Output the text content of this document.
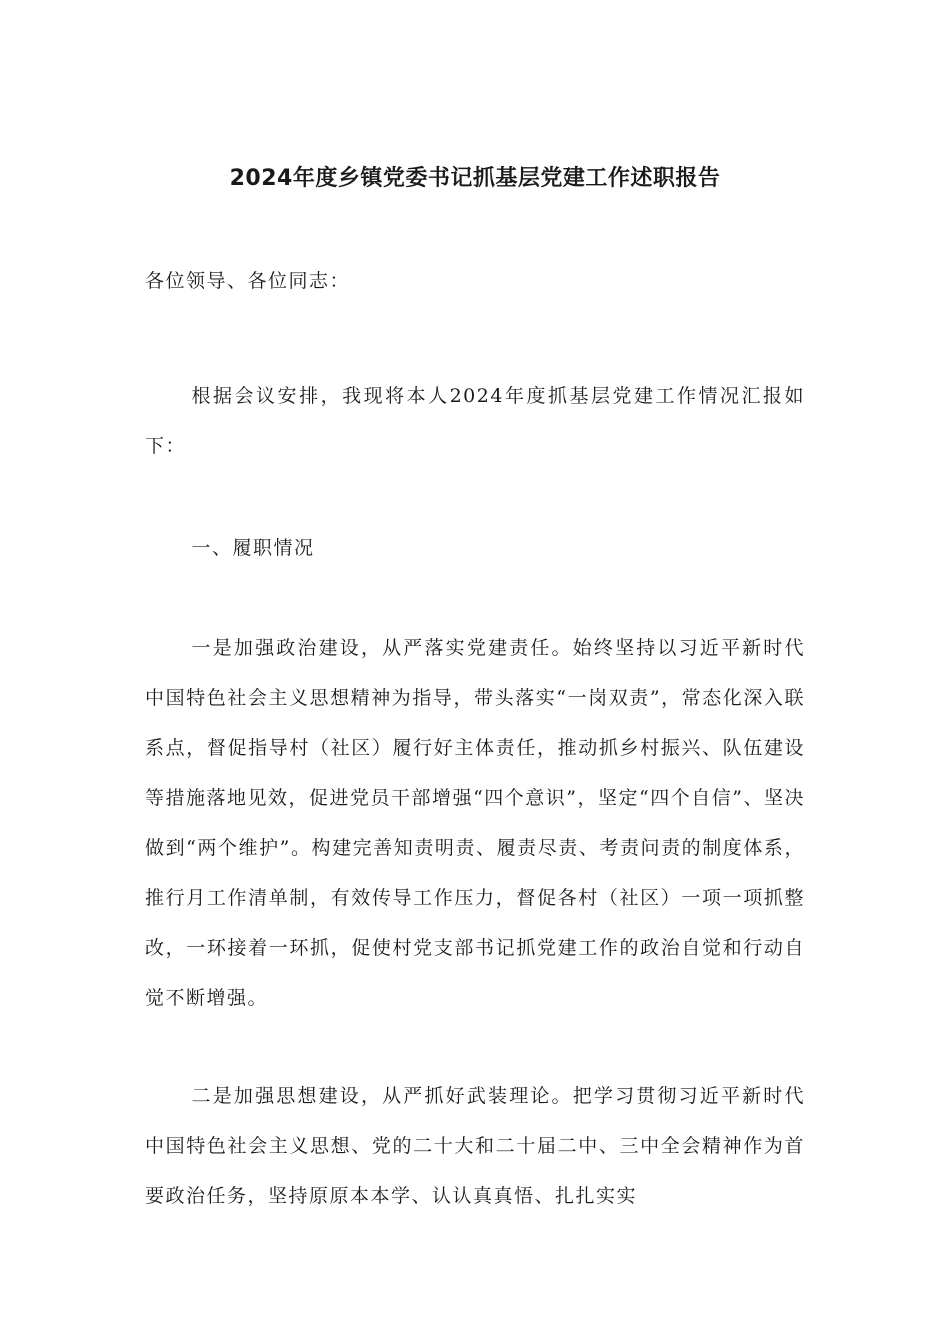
2024年度乡镇党委书记抓基层党建工作述职报告

各位领导、各位同志：

根据会议安排，我现将本人2024年度抓基层党建工作情况汇报如下：

一、履职情况

一是加强政治建设，从严落实党建责任。始终坚持以习近平新时代中国特色社会主义思想精神为指导，带头落实“一岗双责”，常态化深入联系点，督促指导村（社区）履行好主体责任，推动抓乡村振兴、队伍建设等措施落地见效，促进党员干部增强“四个意识”，坚定“四个自信”、坚决做到“两个维护”。构建完善知责明责、履责尽责、考责问责的制度体系，推行月工作清单制，有效传导工作压力，督促各村（社区）一项一项抓整改，一环接着一环抓，促使村党支部书记抓党建工作的政治自觉和行动自觉不断增强。

二是加强思想建设，从严抓好武装理论。把学习贯彻习近平新时代中国特色社会主义思想、党的二十大和二十届二中、三中全会精神作为首要政治任务，坚持原原本本学、认认真真悟、扎扎实实
